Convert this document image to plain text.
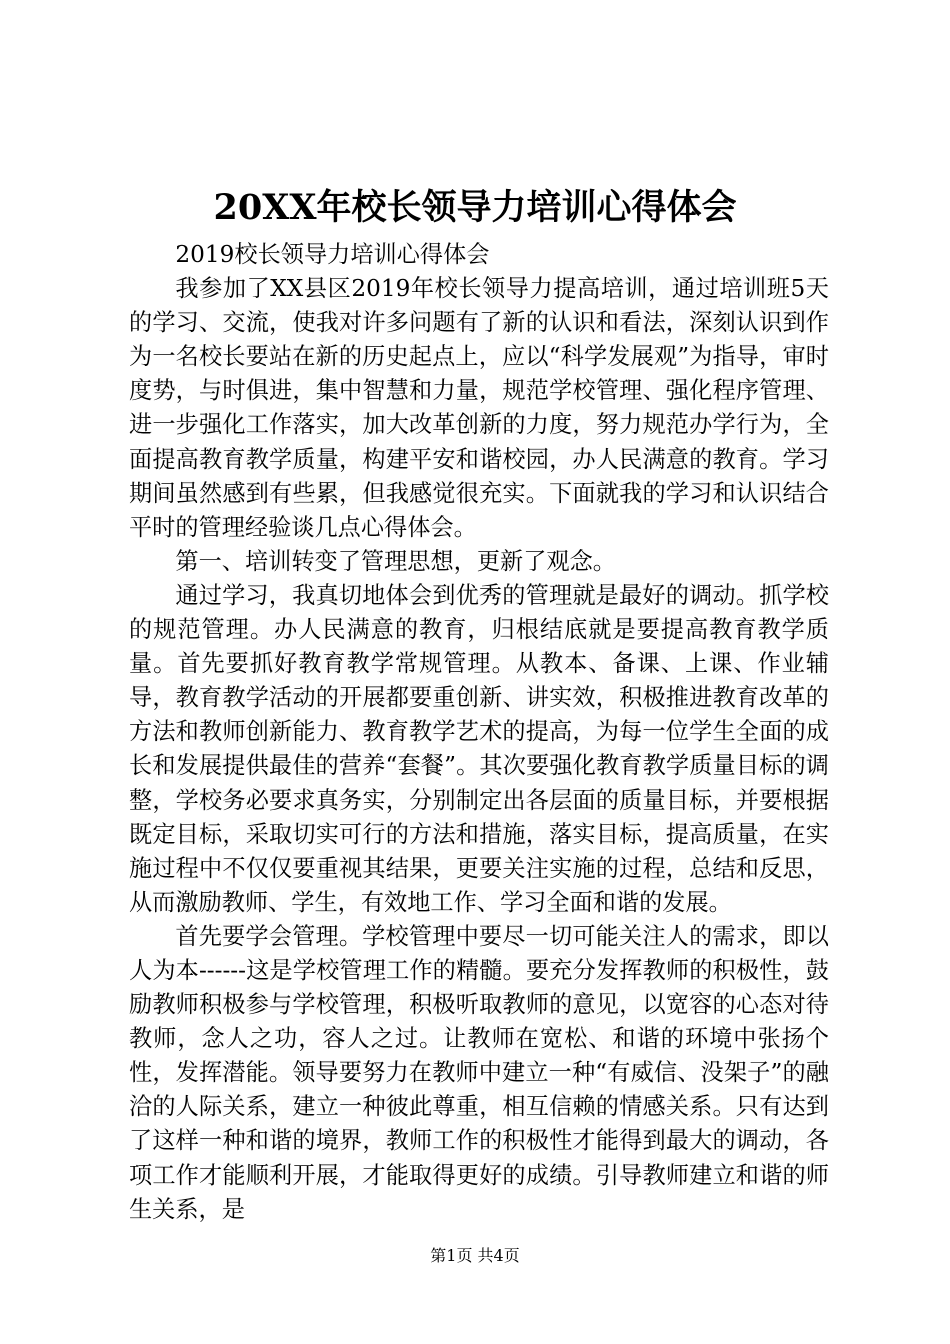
20XX年校长领导力培训心得体会

2019校长领导力培训心得体会

我参加了XX县区2019年校长领导力提高培训，通过培训班5天的学习、交流，使我对许多问题有了新的认识和看法，深刻认识到作为一名校长要站在新的历史起点上，应以“科学发展观”为指导，审时度势，与时俱进，集中智慧和力量，规范学校管理、强化程序管理、进一步强化工作落实，加大改革创新的力度，努力规范办学行为，全面提高教育教学质量，构建平安和谐校园，办人民满意的教育。学习期间虽然感到有些累，但我感觉很充实。下面就我的学习和认识结合平时的管理经验谈几点心得体会。

第一、培训转变了管理思想，更新了观念。

通过学习，我真切地体会到优秀的管理就是最好的调动。抓学校的规范管理。办人民满意的教育，归根结底就是要提高教育教学质量。首先要抓好教育教学常规管理。从教本、备课、上课、作业辅导，教育教学活动的开展都要重创新、讲实效，积极推进教育改革的方法和教师创新能力、教育教学艺术的提高，为每一位学生全面的成长和发展提供最佳的营养“套餐”。其次要强化教育教学质量目标的调整，学校务必要求真务实，分别制定出各层面的质量目标，并要根据既定目标，采取切实可行的方法和措施，落实目标，提高质量，在实施过程中不仅仅要重视其结果，更要关注实施的过程，总结和反思，从而激励教师、学生，有效地工作、学习全面和谐的发展。

首先要学会管理。学校管理中要尽一切可能关注人的需求，即以人为本------这是学校管理工作的精髓。要充分发挥教师的积极性，鼓励教师积极参与学校管理，积极听取教师的意见，以宽容的心态对待教师，念人之功，容人之过。让教师在宽松、和谐的环境中张扬个性，发挥潜能。领导要努力在教师中建立一种“有威信、没架子”的融洽的人际关系，建立一种彼此尊重，相互信赖的情感关系。只有达到了这样一种和谐的境界，教师工作的积极性才能得到最大的调动，各项工作才能顺利开展，才能取得更好的成绩。引导教师建立和谐的师生关系，是

第1页 共4页
